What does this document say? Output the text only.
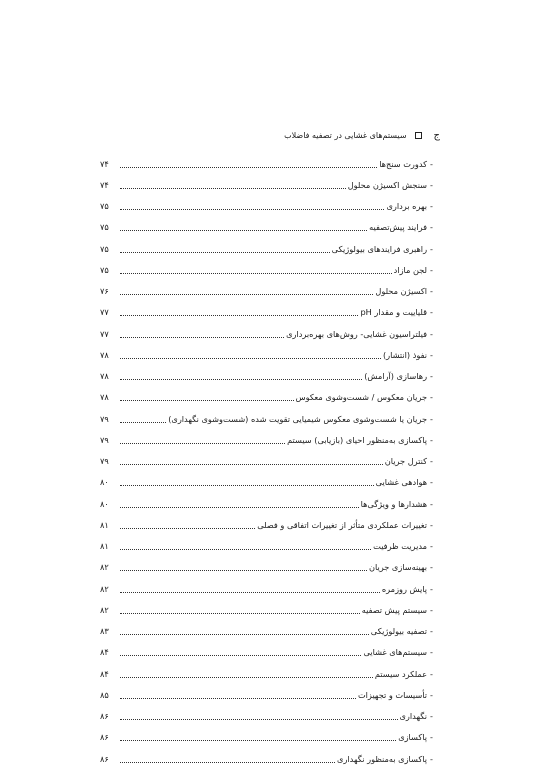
ج
سیستم‌های غشایی در تصفیه فاضلاب
-
کدورت سنج‌ها
۷۴
-
سنجش اکسیژن محلول
۷۴
-
بهره برداری
۷۵
-
فرایند پیش‌تصفیه
۷۵
-
راهبری فرایندهای بیولوژیکی
۷۵
-
لجن مازاد
۷۵
-
اکسیژن محلول
۷۶
-
قلیاییت و مقدار pH
۷۷
-
فیلتراسیون غشایی- روش‌های بهره‌برداری
۷۷
-
نفوذ (انتشار)
۷۸
-
رهاسازی (آرامش)
۷۸
-
جریان معکوس / شست‌وشوی معکوس
۷۸
-
جریان یا شست‌وشوی معکوس شیمیایی تقویت شده (شست‌وشوی نگهداری)
۷۹
-
پاکسازی به‌منظور احیای (بازیابی) سیستم
۷۹
-
کنترل جریان
۷۹
-
هوادهی غشایی
۸۰
-
هشدارها و ویژگی‌ها
۸۰
-
تغییرات عملکردی متأثر از تغییرات اتفاقی و فصلی
۸۱
-
مدیریت ظرفیت
۸۱
-
بهینه‌سازی جریان
۸۲
-
پایش روزمره
۸۲
-
سیستم پیش تصفیه
۸۲
-
تصفیه بیولوژیکی
۸۳
-
سیستم‌های غشایی
۸۴
-
عملکرد سیستم
۸۴
-
تأسیسات و تجهیزات
۸۵
-
نگهداری
۸۶
-
پاکسازی
۸۶
-
پاکسازی به‌منظور نگهداری
۸۶
